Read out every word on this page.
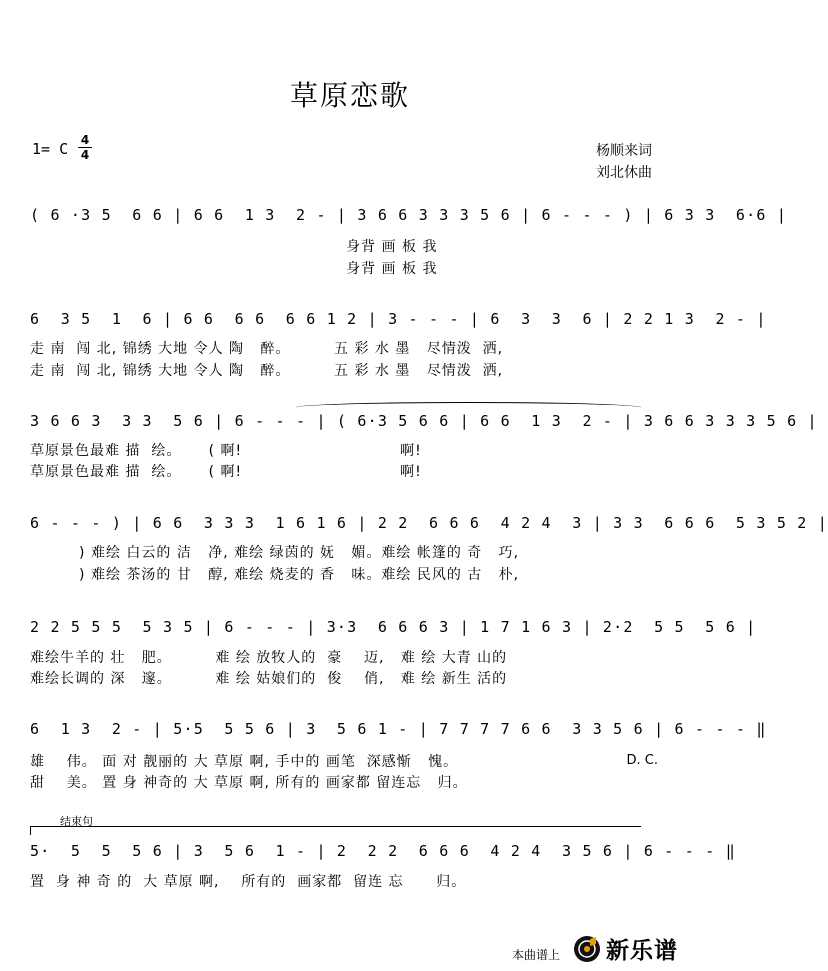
草原恋歌
1= C 4
4	杨顺来词
刘北休曲
( 6 ·3 5  6 6 | 6 6  1 3  2 - | 3 6 6 3 3 3 5 6 | 6 - - - ) | 6 3 3  6·6 |
身背 画 板 我
身背 画 板 我
6  3 5  1  6 | 6 6  6 6  6 6 1 2 | 3 - - - | 6  3  3  6 | 2 2 1 3  2 - |
走 南  闯 北, 锦绣 大地 令人 陶   醉。        五 彩 水 墨   尽情泼  洒,
走 南  闯 北, 锦绣 大地 令人 陶   醉。        五 彩 水 墨   尽情泼  洒,
3 6 6 3  3 3  5 6 | 6 - - - | ( 6·3 5 6 6 | 6 6  1 3  2 - | 3 6 6 3 3 3 5 6 |
草原景色最难 描  绘。     ( 啊!                             啊!
草原景色最难 描  绘。     ( 啊!                             啊!
6 - - - ) | 6 6  3 3 3  1 6 1 6 | 2 2  6 6 6  4 2 4  3 | 3 3  6 6 6  5 3 5 2 |
) 难绘 白云的 洁   净, 难绘 绿茵的 妩   媚。难绘 帐篷的 奇   巧,
) 难绘 茶汤的 甘   醇, 难绘 烧麦的 香   味。难绘 民风的 古   朴,
2 2 5 5 5  5 3 5 | 6 - - - | 3·3  6 6 6 3 | 1 7 1 6 3 | 2·2  5 5  5 6 |
难绘牛羊的 壮   肥。        难 绘 放牧人的  豪    迈,   难 绘 大青 山的
难绘长调的 深   邃。        难 绘 姑娘们的  俊    俏,   难 绘 新生 活的
6  1 3  2 - | 5·5  5 5 6 | 3  5 6 1 - | 7 7 7 7 6 6  3 3 5 6 | 6 - - - ‖
雄    伟。 面 对 靓丽的 大 草原 啊, 手中的 画笔  深感惭   愧。
甜    美。 置 身 神奇的 大 草原 啊, 所有的 画家都 留连忘   归。
D. C.
结束句
5·  5  5  5 6 | 3  5 6  1 - | 2  2 2  6 6 6  4 2 4  3 5 6 | 6 - - - ‖
置  身 神 奇 的  大 草原 啊,    所有的  画家都  留连 忘      归。
本曲谱上 新乐谱
